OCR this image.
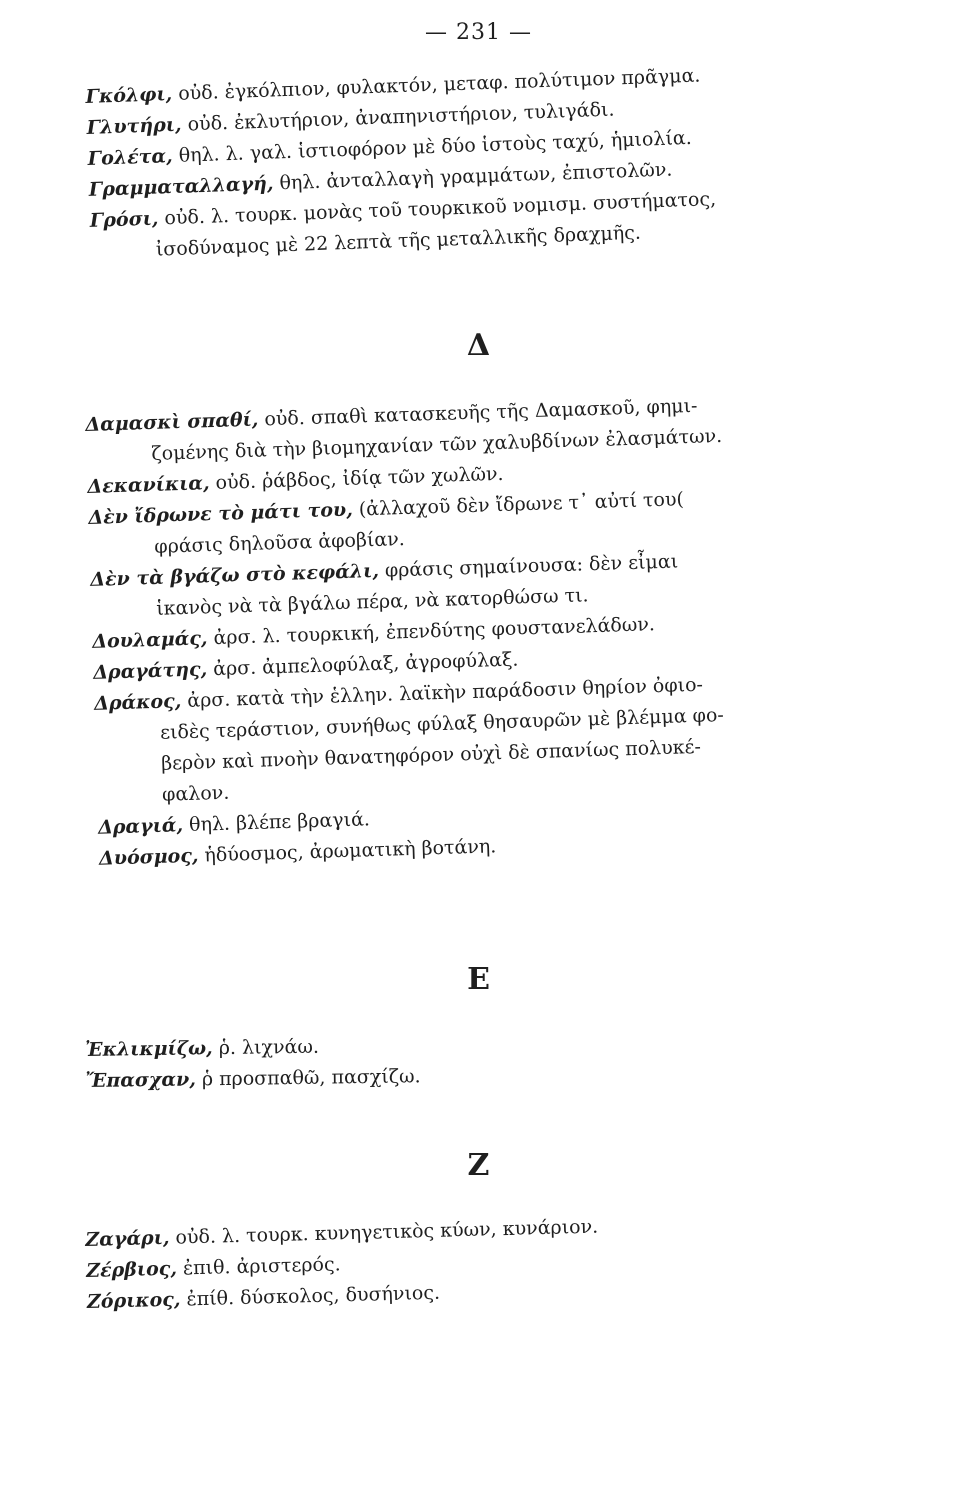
— 231 —

Γκόλφι, οὐδ. ἐγκόλπιον, φυλακτόν, μεταφ. πολύτιμον πρᾶγμα.

Γλυτήρι, οὐδ. ἐκλυτήριον, ἀναπηνιστήριον, τυλιγάδι.

Γολέτα, θηλ. λ. γαλ. ἱστιοφόρον μὲ δύο ἱστοὺς ταχύ, ἡμιολία.

Γραμματαλλαγή, θηλ. ἀνταλλαγὴ γραμμάτων, ἐπιστολῶν.

Γρόσι, οὐδ. λ. τουρκ. μονὰς τοῦ τουρκικοῦ νομισμ. συστήματος,

ἰσοδύναμος μὲ 22 λεπτὰ τῆς μεταλλικῆς δραχμῆς.

Δ

Δαμασκὶ σπαθί, οὐδ. σπαθὶ κατασκευῆς τῆς Δαμασκοῦ, φημι-

ζομένης διὰ τὴν βιομηχανίαν τῶν χαλυβδίνων ἐλασμάτων.

Δεκανίκια, οὐδ. ῥάβδος, ἰδίᾳ τῶν χωλῶν.

Δὲν ἴδρωνε τὸ μάτι του, (ἀλλαχοῦ δὲν ἴδρωνε τ᾽ αὐτί του(

φράσις δηλοῦσα ἀφοβίαν.

Δὲν τὰ βγάζω στὸ κεφάλι, φράσις σημαίνουσα: δὲν εἶμαι

ἱκανὸς νὰ τὰ βγάλω πέρα, νὰ κατορθώσω τι.

Δουλαμάς, ἀρσ. λ. τουρκική, ἐπενδύτης φουστανελάδων.

Δραγάτης, ἀρσ. ἀμπελοφύλαξ, ἀγροφύλαξ.

Δράκος, ἀρσ. κατὰ τὴν ἑλλην. λαϊκὴν παράδοσιν θηρίον ὀφιο-

ειδὲς τεράστιον, συνήθως φύλαξ θησαυρῶν μὲ βλέμμα φο-

βερὸν καὶ πνοὴν θανατηφόρον οὐχὶ δὲ σπανίως πολυκέ-

φαλον.

Δραγιά, θηλ. βλέπε βραγιά.

Δυόσμος, ἡδύοσμος, ἀρωματικὴ βοτάνη.

Ε

Ἐκλικμίζω, ῥ. λιχνάω.

Ἔπασχαν, ῥ προσπαθῶ, πασχίζω.

Ζ

Ζαγάρι, οὐδ. λ. τουρκ. κυνηγετικὸς κύων, κυνάριον.

Ζέρβιος, ἐπιθ. ἀριστερός.

Ζόρικος, ἐπίθ. δύσκολος, δυσήνιος.
